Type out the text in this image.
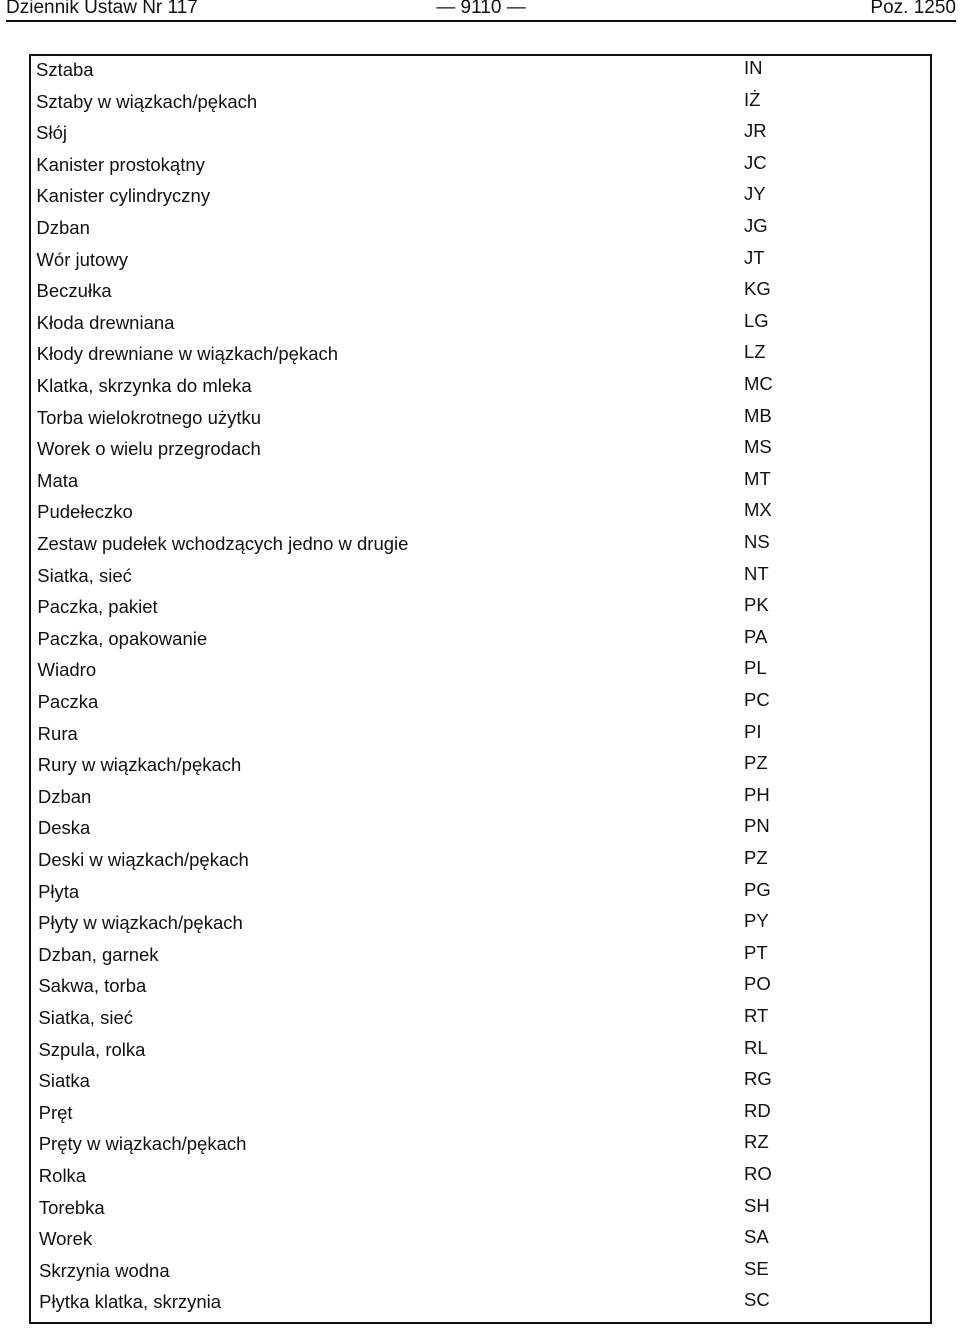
Dziennik Ustaw Nr 117	— 9110 —	Poz. 1250
Sztaba	IN
Sztaby w wiązkach/pękach	IŻ
Słój	JR
Kanister prostokątny	JC
Kanister cylindryczny	JY
Dzban	JG
Wór jutowy	JT
Beczułka	KG
Kłoda drewniana	LG
Kłody drewniane w wiązkach/pękach	LZ
Klatka, skrzynka do mleka	MC
Torba wielokrotnego użytku	MB
Worek o wielu przegrodach	MS
Mata	MT
Pudełeczko	MX
Zestaw pudełek wchodzących jedno w drugie	NS
Siatka, sieć	NT
Paczka, pakiet	PK
Paczka, opakowanie	PA
Wiadro	PL
Paczka	PC
Rura	PI
Rury w wiązkach/pękach	PZ
Dzban	PH
Deska	PN
Deski w wiązkach/pękach	PZ
Płyta	PG
Płyty w wiązkach/pękach	PY
Dzban, garnek	PT
Sakwa, torba	PO
Siatka, sieć	RT
Szpula, rolka	RL
Siatka	RG
Pręt	RD
Pręty w wiązkach/pękach	RZ
Rolka	RO
Torebka	SH
Worek	SA
Skrzynia wodna	SE
Płytka klatka, skrzynia	SC
